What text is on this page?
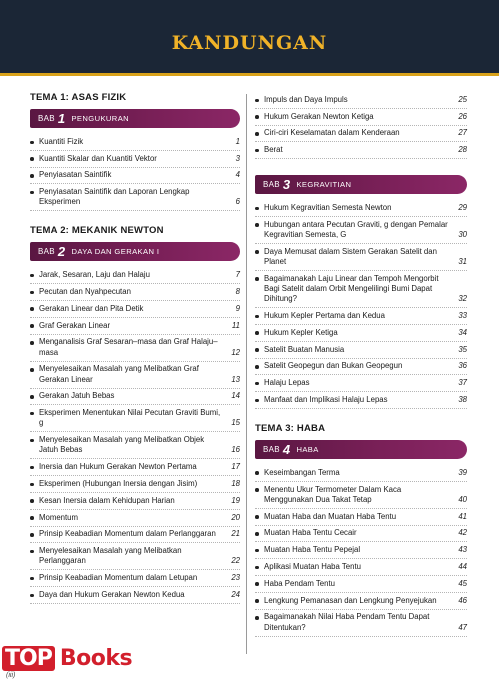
KANDUNGAN
TEMA 1: ASAS FIZIK
BAB 1 PENGUKURAN
Kuantiti Fizik	1
Kuantiti Skalar dan Kuantiti Vektor	3
Penyiasatan Saintifik	4
Penyiasatan Saintifik dan Laporan Lengkap Eksperimen	6
TEMA 2: MEKANIK NEWTON
BAB 2 DAYA DAN GERAKAN I
Jarak, Sesaran, Laju dan Halaju	7
Pecutan dan Nyahpecutan	8
Gerakan Linear dan Pita Detik	9
Graf Gerakan Linear	11
Menganalisis Graf Sesaran–masa dan Graf Halaju–masa	12
Menyelesaikan Masalah yang Melibatkan Graf Gerakan Linear	13
Gerakan Jatuh Bebas	14
Eksperimen Menentukan Nilai Pecutan Graviti Bumi, g	15
Menyelesaikan Masalah yang Melibatkan Objek Jatuh Bebas	16
Inersia dan Hukum Gerakan Newton Pertama	17
Eksperimen (Hubungan Inersia dengan Jisim)	18
Kesan Inersia dalam Kehidupan Harian	19
Momentum	20
Prinsip Keabadian Momentum dalam Perlanggaran	21
Menyelesaikan Masalah yang Melibatkan Perlanggaran	22
Prinsip Keabadian Momentum dalam Letupan	23
Daya dan Hukum Gerakan Newton Kedua	24
Impuls dan Daya Impuls	25
Hukum Gerakan Newton Ketiga	26
Ciri-ciri Keselamatan dalam Kenderaan	27
Berat	28
BAB 3 KEGRAVITIAN
Hukum Kegravitian Semesta Newton	29
Hubungan antara Pecutan Graviti, g dengan Pemalar Kegravitian Semesta, G	30
Daya Memusat dalam Sistem Gerakan Satelit dan Planet	31
Bagaimanakah Laju Linear dan Tempoh Mengorbit Bagi Satelit dalam Orbit Mengelilingi Bumi Dapat Dihitung?	32
Hukum Kepler Pertama dan Kedua	33
Hukum Kepler Ketiga	34
Satelit Buatan Manusia	35
Satelit Geopegun dan Bukan Geopegun	36
Halaju Lepas	37
Manfaat dan Implikasi Halaju Lepas	38
TEMA 3: HABA
BAB 4 HABA
Keseimbangan Terma	39
Menentu Ukur Termometer Dalam Kaca Menggunakan Dua Takat Tetap	40
Muatan Haba dan Muatan Haba Tentu	41
Muatan Haba Tentu Cecair	42
Muatan Haba Tentu Pepejal	43
Aplikasi Muatan Haba Tentu	44
Haba Pendam Tentu	45
Lengkung Pemanasan dan Lengkung Penyejukan	46
Bagaimanakah Nilai Haba Pendam Tentu Dapat Ditentukan?	47
TOP Books
(iii)
